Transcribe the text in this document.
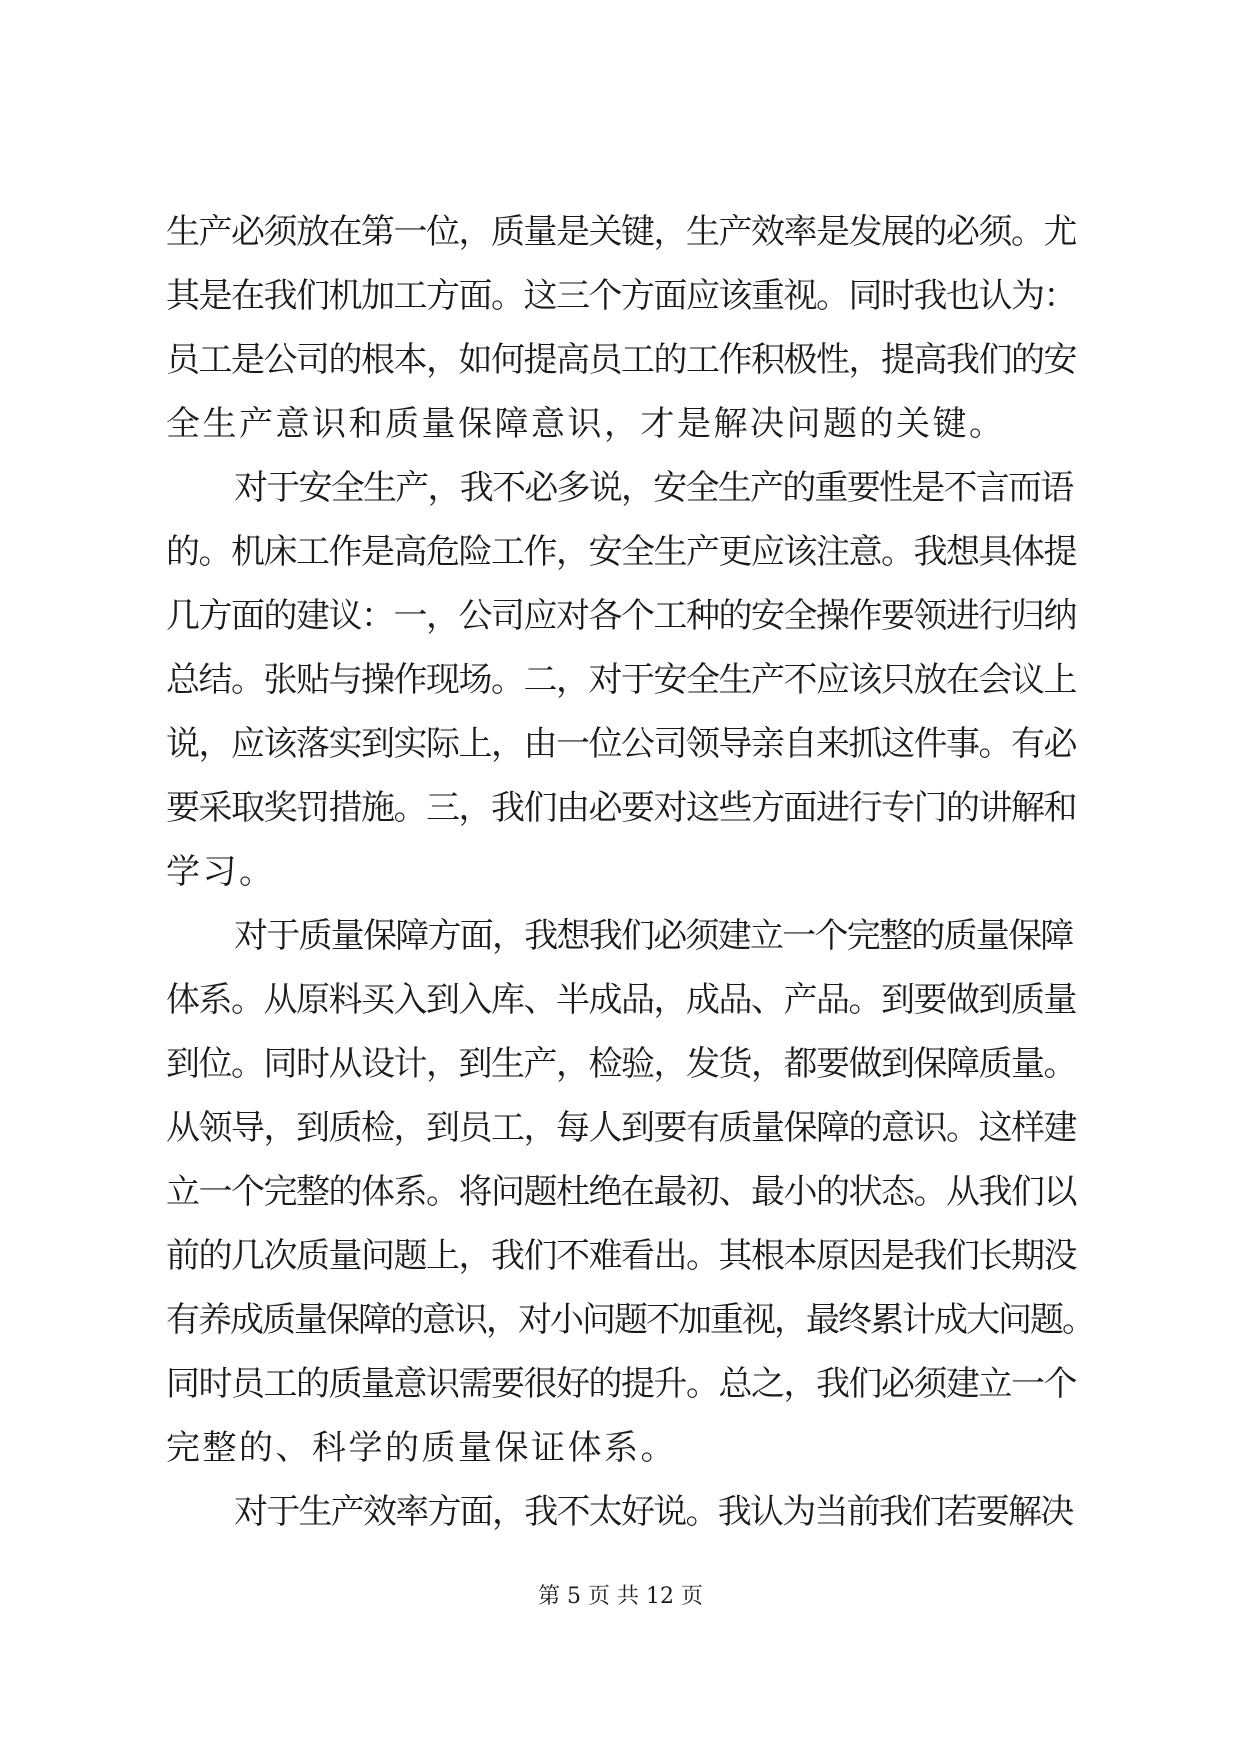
生产必须放在第一位，质量是关键，生产效率是发展的必须。尤
其是在我们机加工方面。这三个方面应该重视。同时我也认为：
员工是公司的根本，如何提高员工的工作积极性，提高我们的安
全生产意识和质量保障意识，才是解决问题的关键。
对于安全生产，我不必多说，安全生产的重要性是不言而语
的。机床工作是高危险工作，安全生产更应该注意。我想具体提
几方面的建议：一，公司应对各个工种的安全操作要领进行归纳
总结。张贴与操作现场。二，对于安全生产不应该只放在会议上
说，应该落实到实际上，由一位公司领导亲自来抓这件事。有必
要采取奖罚措施。三，我们由必要对这些方面进行专门的讲解和
学习。
对于质量保障方面，我想我们必须建立一个完整的质量保障
体系。从原料买入到入库、半成品，成品、产品。到要做到质量
到位。同时从设计，到生产，检验，发货，都要做到保障质量。
从领导，到质检，到员工，每人到要有质量保障的意识。这样建
立一个完整的体系。将问题杜绝在最初、最小的状态。从我们以
前的几次质量问题上，我们不难看出。其根本原因是我们长期没
有养成质量保障的意识，对小问题不加重视，最终累计成大问题。
同时员工的质量意识需要很好的提升。总之，我们必须建立一个
完整的、科学的质量保证体系。
对于生产效率方面，我不太好说。我认为当前我们若要解决
第 5 页 共 12 页
